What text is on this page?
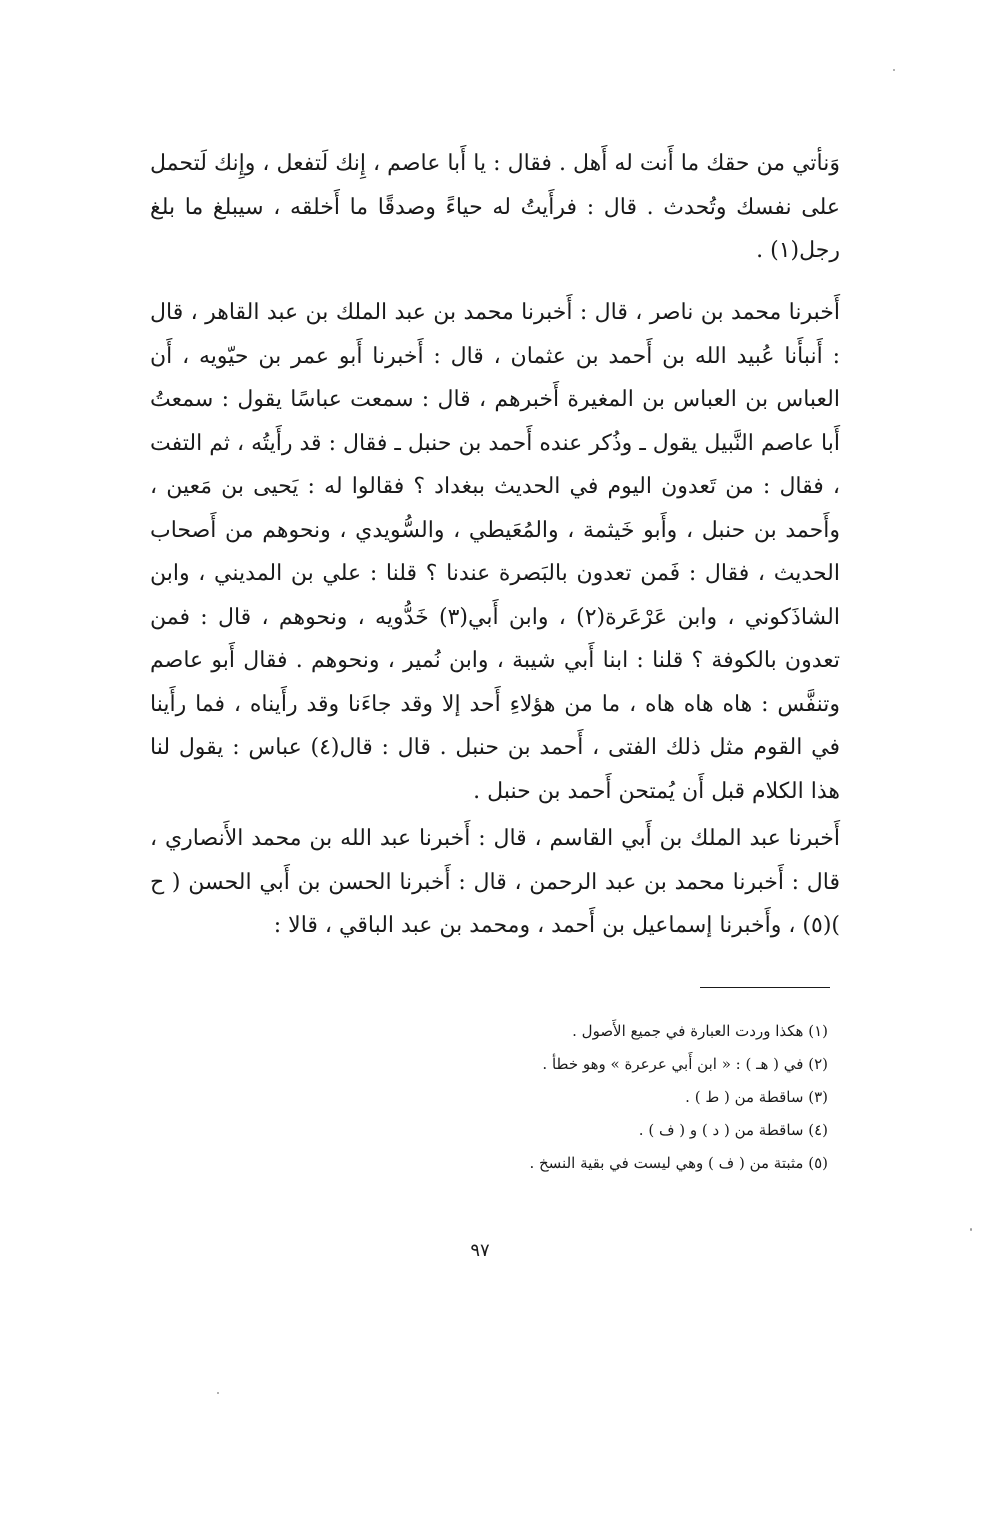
وَنأتي من حقك ما أَنت له أَهل . فقال : يا أَبا عاصم ، إِنك لَتفعل ، وإِنك لَتحمل على نفسك وتُحدث . قال : فرأَيتُ له حياءً وصدقًا ما أَخلقه ، سيبلغ ما بلغ رجل(١) .

أَخبرنا محمد بن ناصر ، قال : أَخبرنا محمد بن عبد الملك بن عبد القاهر ، قال : أَنبأَنا عُبيد الله بن أَحمد بن عثمان ، قال : أَخبرنا أَبو عمر بن حيّويه ، أَن العباس بن العباس بن المغيرة أَخبرهم ، قال : سمعت عباسًا يقول : سمعتُ أَبا عاصم النَّبيل يقول ـ وذُكر عنده أَحمد بن حنبل ـ فقال : قد رأَيتُه ، ثم التفت ، فقال : من تَعدون اليوم في الحديث ببغداد ؟ فقالوا له : يَحيى بن مَعين ، وأَحمد بن حنبل ، وأَبو خَيثمة ، والمُعَيطي ، والسُّويدي ، ونحوهم من أَصحاب الحديث ، فقال : فَمن تعدون بالبَصرة عندنا ؟ قلنا : علي بن المديني ، وابن الشاذَكوني ، وابن عَرْعَرة(٢) ، وابن أَبي(٣) خَدُّويه ، ونحوهم ، قال : فمن تعدون بالكوفة ؟ قلنا : ابنا أَبي شيبة ، وابن نُمير ، ونحوهم . فقال أَبو عاصم وتنفَّس : هاه هاه هاه ، ما من هؤلاءِ أَحد إلا وقد جاءَنا وقد رأَيناه ، فما رأَينا في القوم مثل ذلك الفتى ، أَحمد بن حنبل . قال : قال(٤) عباس : يقول لنا هذا الكلام قبل أَن يُمتحن أَحمد بن حنبل .

أَخبرنا عبد الملك بن أَبي القاسم ، قال : أَخبرنا عبد الله بن محمد الأَنصاري ، قال : أَخبرنا محمد بن عبد الرحمن ، قال : أَخبرنا الحسن بن أَبي الحسن ( ح )(٥) ، وأَخبرنا إسماعيل بن أَحمد ، ومحمد بن عبد الباقي ، قالا :

(١) هكذا وردت العبارة في جميع الأَصول .

(٢) في ( هـ ) : « ابن أَبي عرعرة » وهو خطأ .

(٣) ساقطة من ( ط ) .

(٤) ساقطة من ( د ) و ( ف ) .

(٥) مثبتة من ( ف ) وهي ليست في بقية النسخ .

٩٧
